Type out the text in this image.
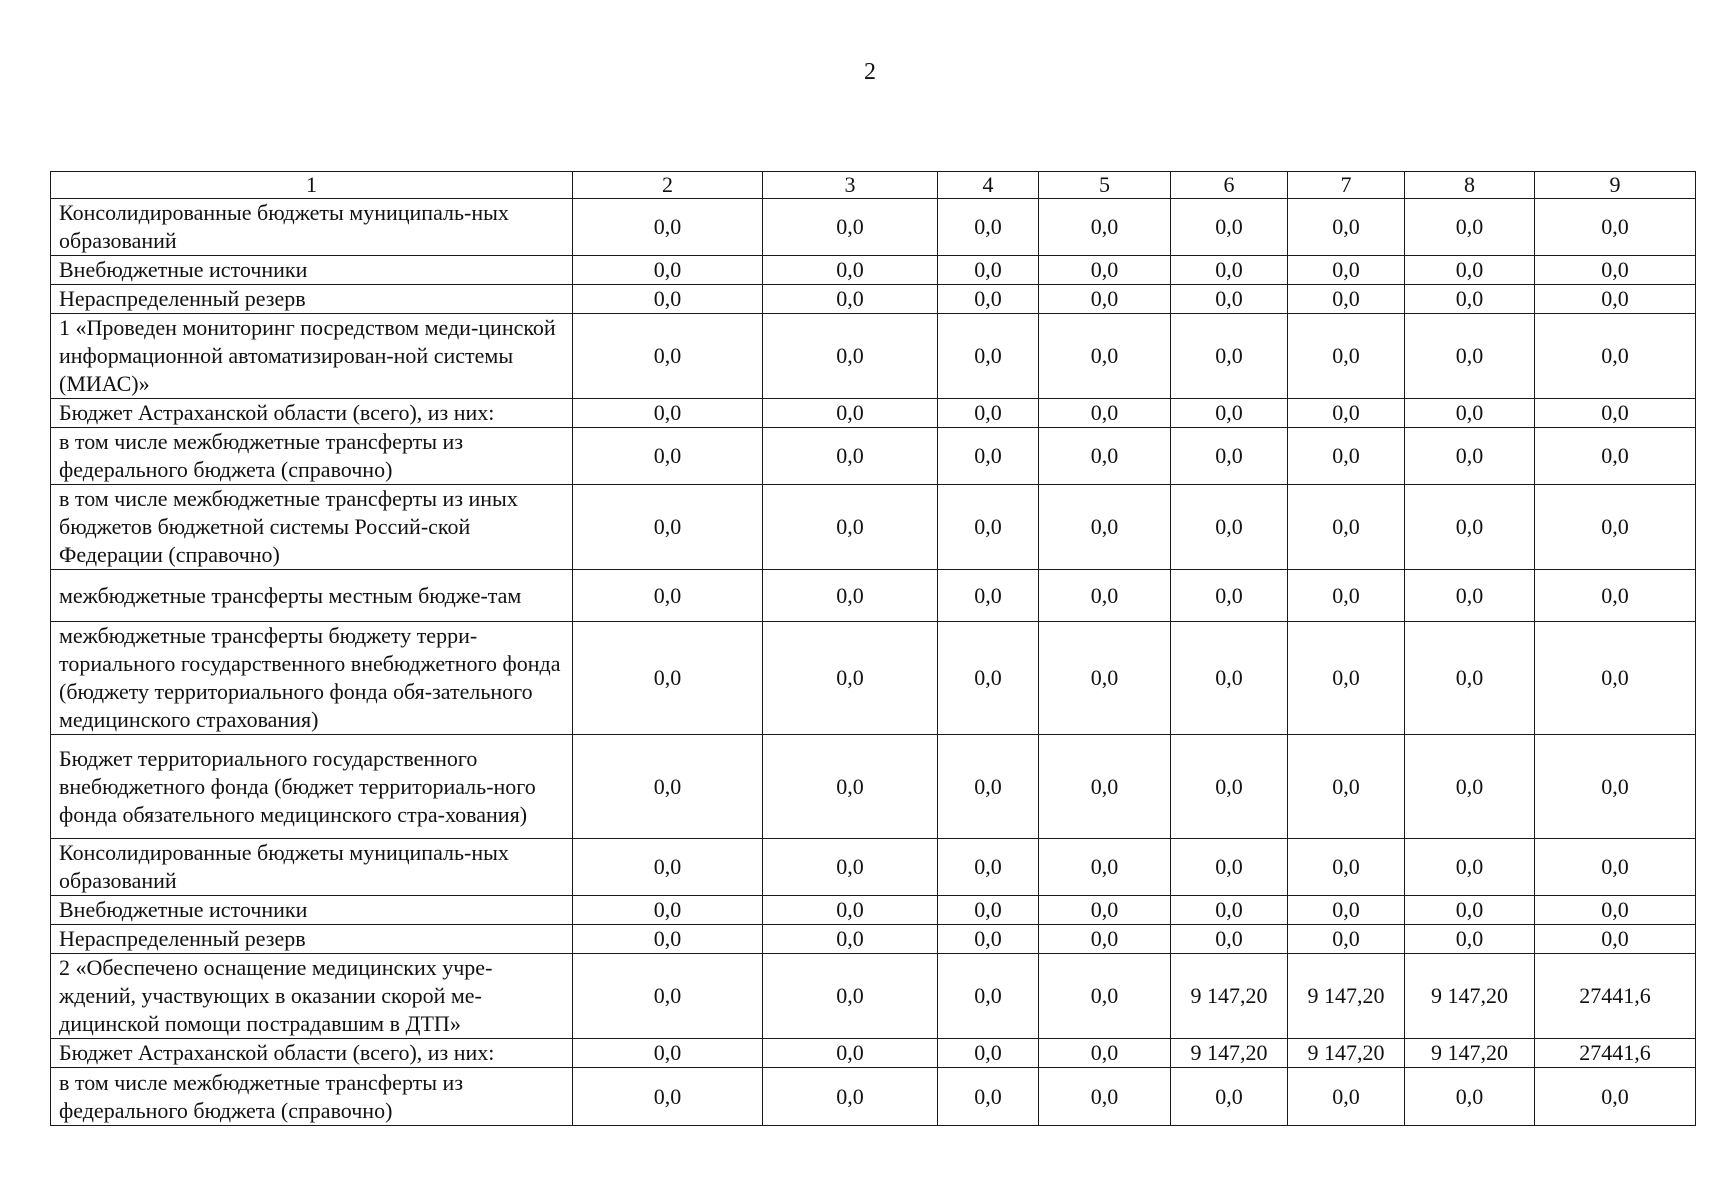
2
1	2	3	4	5	6	7	8	9
Консолидированные бюджеты муниципаль-ных образований	0,0	0,0	0,0	0,0	0,0	0,0	0,0	0,0
Внебюджетные источники	0,0	0,0	0,0	0,0	0,0	0,0	0,0	0,0
Нераспределенный резерв	0,0	0,0	0,0	0,0	0,0	0,0	0,0	0,0
1 «Проведен мониторинг посредством меди-цинской информационной автоматизирован-ной системы (МИАС)»	0,0	0,0	0,0	0,0	0,0	0,0	0,0	0,0
Бюджет Астраханской области (всего), из них:	0,0	0,0	0,0	0,0	0,0	0,0	0,0	0,0
в том числе межбюджетные трансферты из федерального бюджета (справочно)	0,0	0,0	0,0	0,0	0,0	0,0	0,0	0,0
в том числе межбюджетные трансферты из иных бюджетов бюджетной системы Россий-ской Федерации (справочно)	0,0	0,0	0,0	0,0	0,0	0,0	0,0	0,0
межбюджетные трансферты местным бюдже-там	0,0	0,0	0,0	0,0	0,0	0,0	0,0	0,0
межбюджетные трансферты бюджету терри-ториального государственного внебюджетного фонда (бюджету территориального фонда обя-зательного медицинского страхования)	0,0	0,0	0,0	0,0	0,0	0,0	0,0	0,0
Бюджет территориального государственного внебюджетного фонда (бюджет территориаль-ного фонда обязательного медицинского стра-хования)	0,0	0,0	0,0	0,0	0,0	0,0	0,0	0,0
Консолидированные бюджеты муниципаль-ных образований	0,0	0,0	0,0	0,0	0,0	0,0	0,0	0,0
Внебюджетные источники	0,0	0,0	0,0	0,0	0,0	0,0	0,0	0,0
Нераспределенный резерв	0,0	0,0	0,0	0,0	0,0	0,0	0,0	0,0
2 «Обеспечено оснащение медицинских учре-ждений, участвующих в оказании скорой ме-дицинской помощи пострадавшим в ДТП»	0,0	0,0	0,0	0,0	9 147,20	9 147,20	9 147,20	27441,6
Бюджет Астраханской области (всего), из них:	0,0	0,0	0,0	0,0	9 147,20	9 147,20	9 147,20	27441,6
в том числе межбюджетные трансферты из федерального бюджета (справочно)	0,0	0,0	0,0	0,0	0,0	0,0	0,0	0,0
